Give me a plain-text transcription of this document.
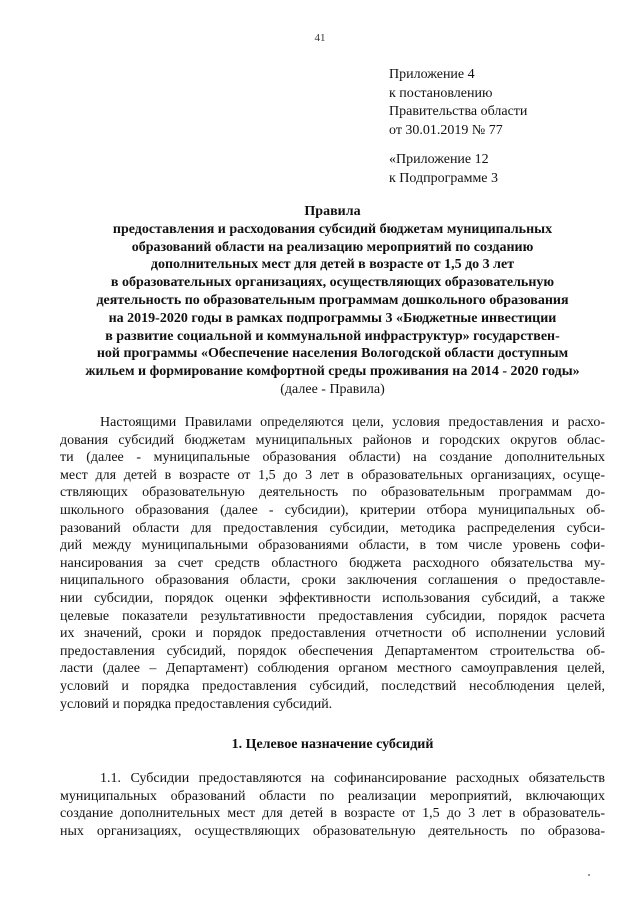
41
Приложение 4
к постановлению
Правительства области
от 30.01.2019 № 77
«Приложение 12
к Подпрограмме 3
Правила
предоставления и расходования субсидий бюджетам муниципальных
образований области на реализацию мероприятий по созданию
дополнительных мест для детей в возрасте от 1,5 до 3 лет
в образовательных организациях, осуществляющих образовательную
деятельность по образовательным программам дошкольного образования
на 2019-2020 годы в рамках подпрограммы 3 «Бюджетные инвестиции
в развитие социальной и коммунальной инфраструктур» государствен-
ной программы «Обеспечение населения Вологодской области доступным
жильем и формирование комфортной среды проживания на 2014 - 2020 годы»
(далее - Правила)
Настоящими Правилами определяются цели, условия предоставления и расхо-
дования субсидий бюджетам муниципальных районов и городских округов облас-
ти (далее - муниципальные образования области) на создание дополнительных
мест для детей в возрасте от 1,5 до 3 лет в образовательных организациях, осуще-
ствляющих образовательную деятельность по образовательным программам до-
школьного образования (далее - субсидии), критерии отбора муниципальных об-
разований области для предоставления субсидии, методика распределения субси-
дий между муниципальными образованиями области, в том числе уровень софи-
нансирования за счет средств областного бюджета расходного обязательства му-
ниципального образования области, сроки заключения соглашения о предоставле-
нии субсидии, порядок оценки эффективности использования субсидий, а также
целевые показатели результативности предоставления субсидии, порядок расчета
их значений, сроки и порядок предоставления отчетности об исполнении условий
предоставления субсидий, порядок обеспечения Департаментом строительства об-
ласти (далее – Департамент) соблюдения органом местного самоуправления целей,
условий и порядка предоставления субсидий, последствий несоблюдения целей,
условий и порядка предоставления субсидий.
1. Целевое назначение субсидий
1.1. Субсидии предоставляются на софинансирование расходных обязательств
муниципальных образований области по реализации мероприятий, включающих
создание дополнительных мест для детей в возрасте от 1,5 до 3 лет в образователь-
ных организациях, осуществляющих образовательную деятельность по образова-
